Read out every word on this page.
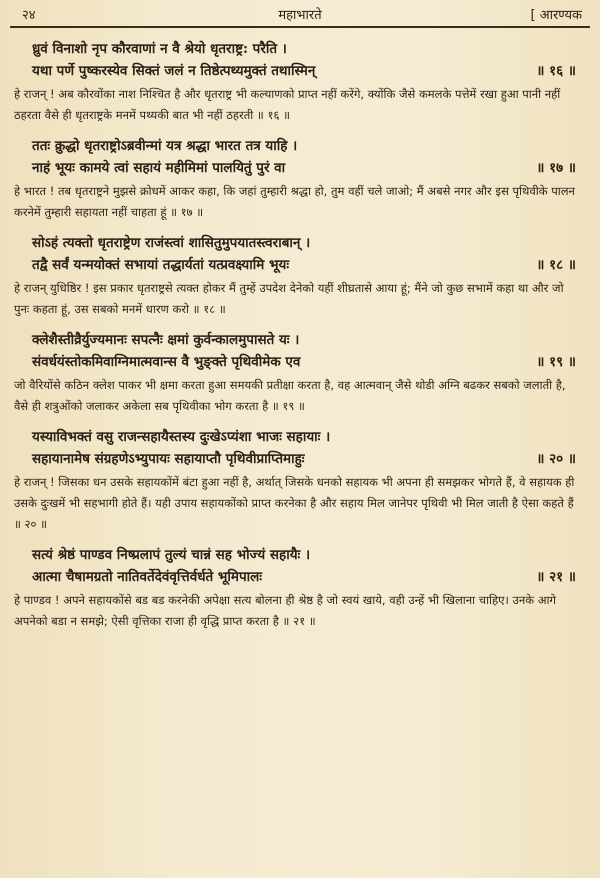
२४	महाभारते	[ आरण्यक
ध्रुवं विनाशो नृप कौरवाणां न वै श्रेयो धृतराष्ट्र: परैति ।
यथा पर्णे पुष्करस्येव सिक्तं जलं न तिष्ठेत्पथ्यमुक्तं तथास्मिन्	॥ १६ ॥
हे राजन् ! अब कौरवोंका नाश निश्चित है और धृतराष्ट्र भी कल्याणको प्राप्त नहीं करेंगे, क्योंकि जैसे कमलके पत्तेमें रखा हुआ पानी नहीं ठहरता वैसे ही धृतराष्ट्रके मनमें पथ्यकी बात भी नहीं ठहरती ॥ १६ ॥
ततः क्रुद्धो धृतराष्ट्रोऽब्रवीन्मां यत्र श्रद्धा भारत तत्र याहि ।
नाहं भूयः कामये त्वां सहायं महीमिमां पालयितुं पुरं वा	॥ १७ ॥
हे भारत ! तब धृतराष्ट्रने मुझसे क्रोधमें आकर कहा, कि जहां तुम्हारी श्रद्धा हो, तुम वहीं चले जाओ; मैं अबसे नगर और इस पृथिवीके पालन करनेमें तुम्हारी सहायता नहीं चाहता हूं ॥ १७ ॥
सोऽहं त्यक्तो धृतराष्ट्रेण राजंस्त्वां शासितुमुपयातस्त्वराबान् ।
तद्वै सर्वं यन्मयोक्तं सभायां तद्धार्यतां यत्प्रवक्ष्यामि भूयः	॥ १८ ॥
हे राजन् युधिष्ठिर ! इस प्रकार धृतराष्ट्रसे त्यक्त होकर मैं तुम्हें उपदेश देनेको यहीं शीघ्रतासे आया हूं; मैंने जो कुछ सभामें कहा था और जो पुनः कहता हूं, उस सबको मनमें धारण करो ॥ १८ ॥
क्लेशैस्तीव्रैर्युज्यमानः सपत्नैः क्षमां कुर्वन्कालमुपासते यः ।
संवर्धयंस्तोकमिवाग्निमात्मवान्स वै भुङ्क्ते पृथिवीमेक एव	॥ १९ ॥
जो वैरियोंसे कठिन क्लेश पाकर भी क्षमा करता हुआ समयकी प्रतीक्षा करता है, वह आत्मवान् जैसे थोडी अग्नि बढकर सबको जलाती है, वैसे ही शत्रुओंको जलाकर अकेला सब पृथिवीका भोग करता है ॥ १९ ॥
यस्याविभक्तं वसु राजन्सहायैस्तस्य दुःखेऽप्यंशा भाजः सहायाः ।
सहायानामेष संग्रहणेऽभ्युपायः सहायाप्तौ पृथिवीप्राप्तिमाहुः	॥ २० ॥
हे राजन् ! जिसका धन उसके सहायकोंमें बंटा हुआ नहीं है, अर्थात् जिसके धनको सहायक भी अपना ही समझकर भोगते हैं, वे सहायक ही उसके दुःखमें भी सहभागी होते हैं। यही उपाय सहायकोंको प्राप्त करनेका है और सहाय मिल जानेपर पृथिवी भी मिल जाती है ऐसा कहते हैं ॥ २० ॥
सत्यं श्रेष्ठं पाण्डव निष्प्रलापं तुल्यं चान्नं सह भोज्यं सहायैः ।
आत्मा चैषामग्रतो नातिवर्तेदेवंवृत्तिर्वर्धते भूमिपालः	॥ २१ ॥
हे पाण्डव ! अपने सहायकोंसे बड बड करनेकी अपेक्षा सत्य बोलना ही श्रेष्ठ है जो स्वयं खाये, वही उन्हें भी खिलाना चाहिए। उनके आगे अपनेको बडा न समझे; ऐसी वृत्तिका राजा ही वृद्धि प्राप्त करता है ॥ २१ ॥
